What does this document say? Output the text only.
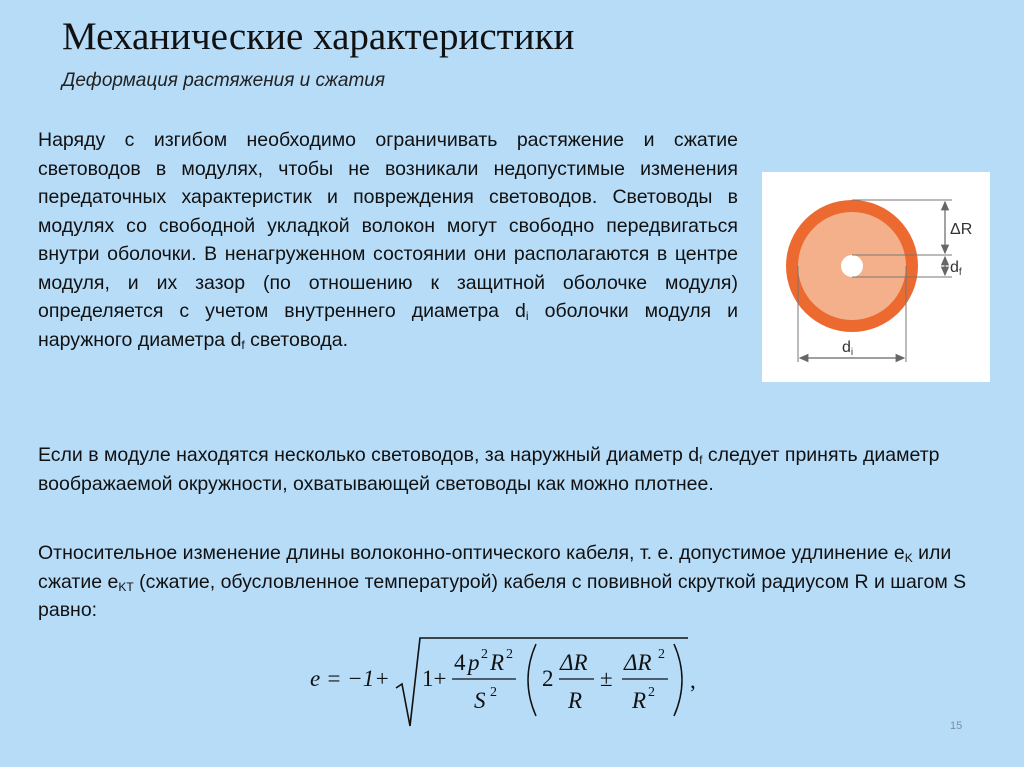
Механические характеристики
Деформация растяжения и сжатия
Наряду с изгибом необходимо ограничивать растяжение и сжатие световодов в модулях, чтобы не возникали недопустимые изменения передаточных характеристик и повреждения световодов. Световоды в модулях со свободной укладкой волокон могут свободно передвигаться внутри оболочки. В ненагруженном состоянии они располагаются в центре модуля, и их зазор (по отношению к защитной оболочке модуля) определяется с учетом внутреннего диаметра $d_i$ оболочки модуля и наружного диаметра $d_f$ световода.
Если в модуле находятся несколько световодов, за наружный диаметр $d_f$ следует принять диаметр воображаемой окружности, охватывающей световоды как можно плотнее.
Относительное изменение длины волоконно-оптического кабеля, т. е. допустимое удлинение $e_K$ или сжатие $e_{KT}$ (сжатие, обусловленное температурой) кабеля с повивной скруткой радиусом R и шагом S равно:
ΔR
df
di
e = −1+ 1+
4 p 2 R 2
S 2
2
ΔR
R
±
ΔR 2
R 2 ,
15
